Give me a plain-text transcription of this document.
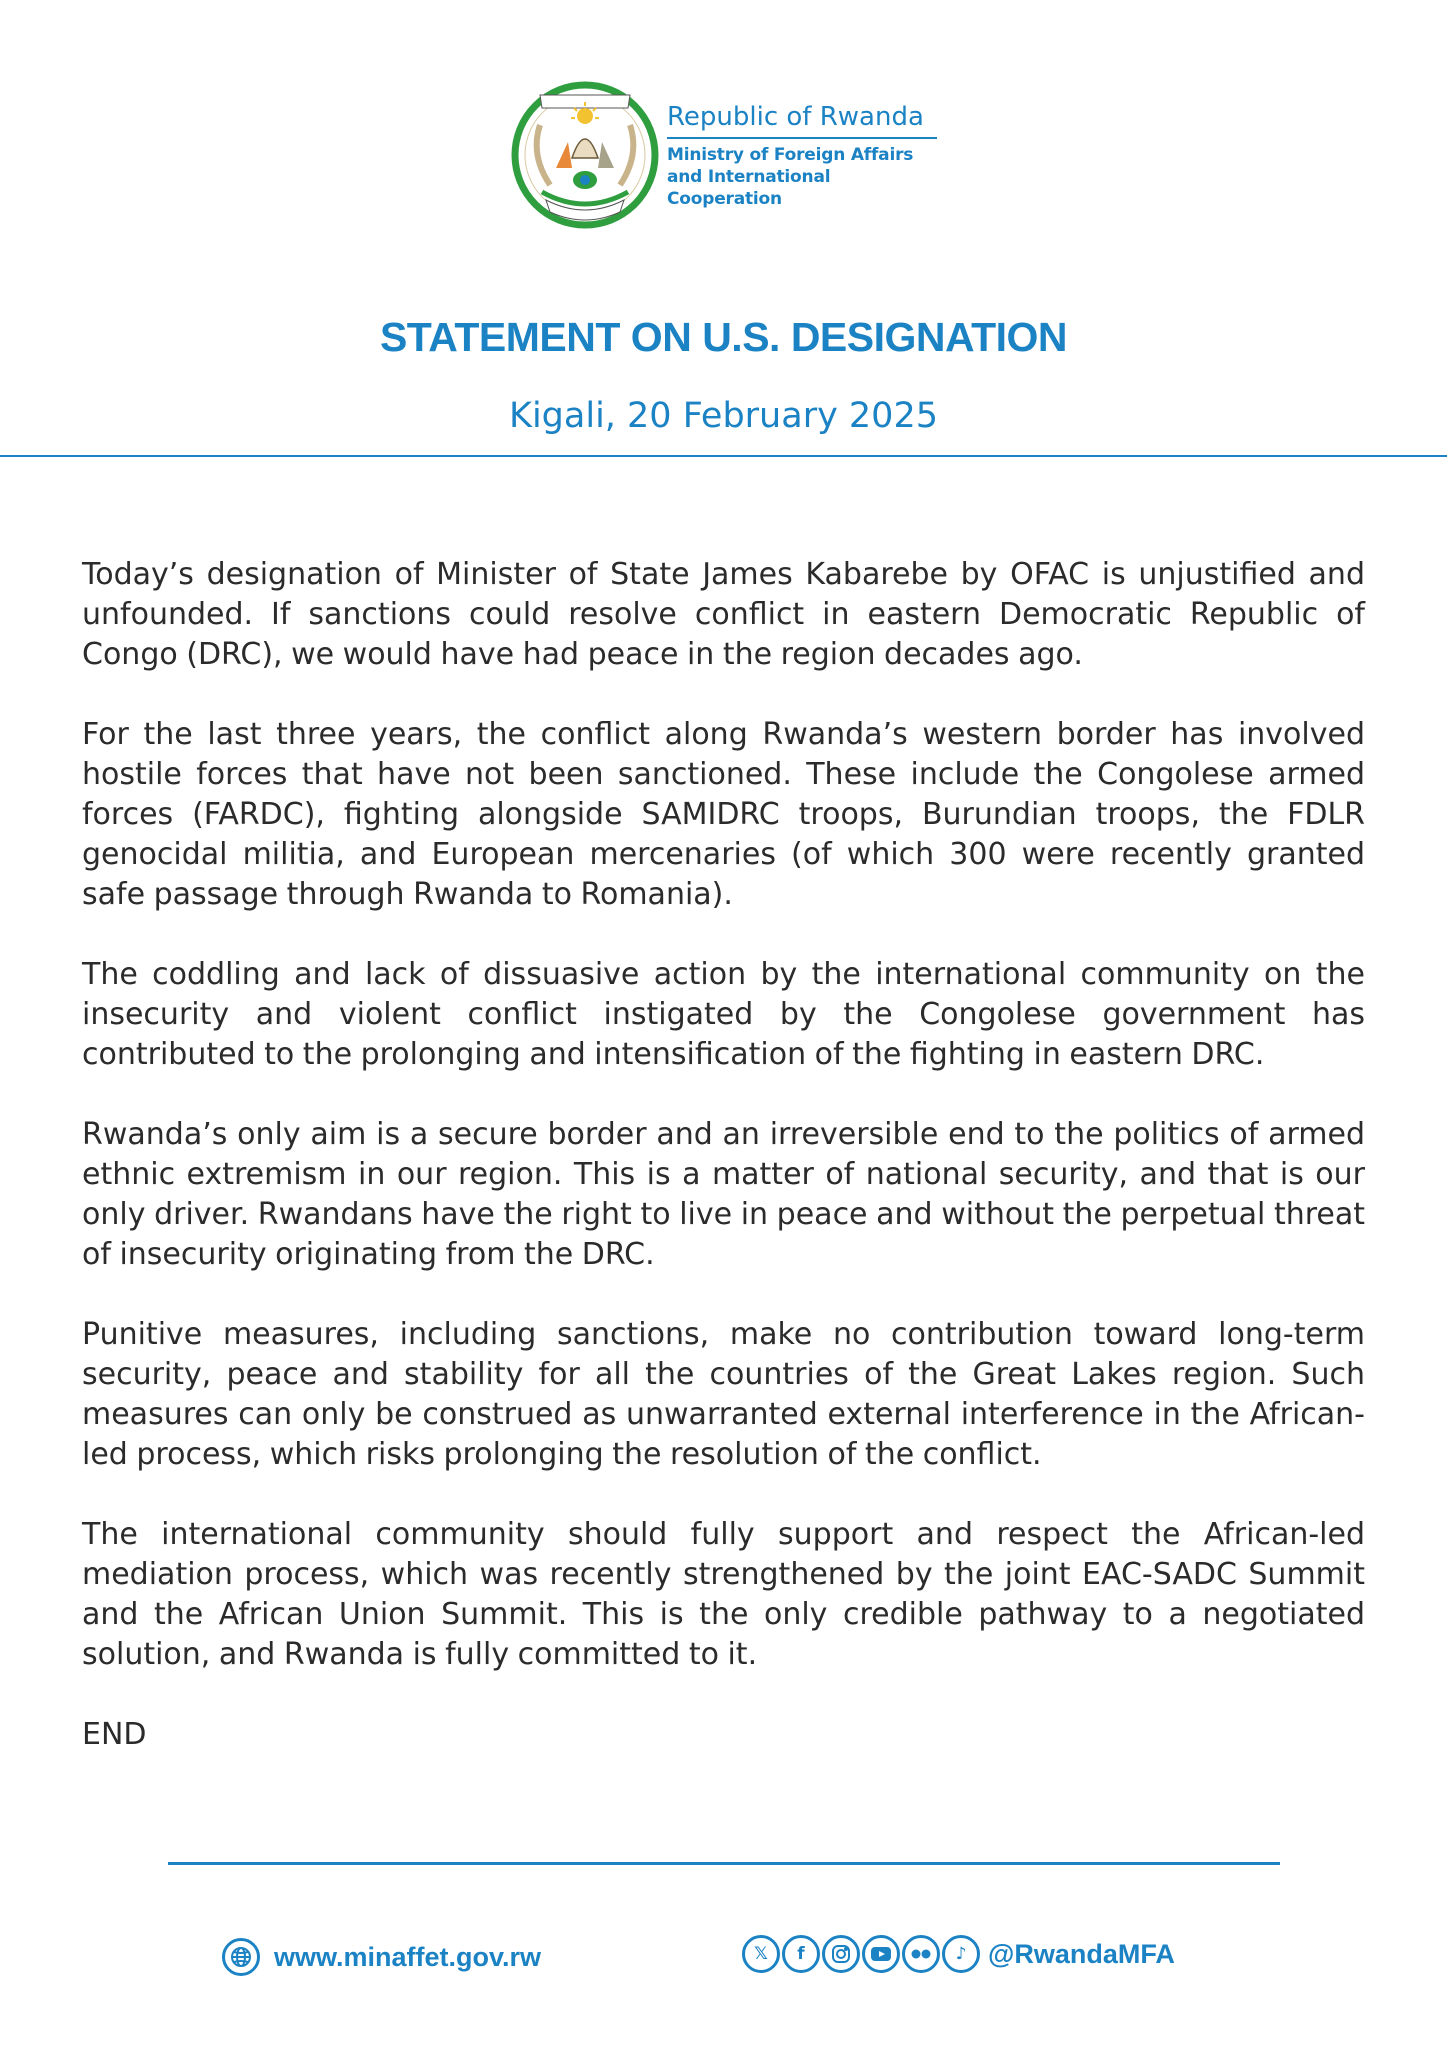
Republic of Rwanda
Ministry of Foreign Affairs
and International Cooperation
STATEMENT ON U.S. DESIGNATION
Kigali, 20 February 2025

Today’s designation of Minister of State James Kabarebe by OFAC is unjustified and unfounded. If sanctions could resolve conflict in eastern Democratic Republic of Congo (DRC), we would have had peace in the region decades ago.

For the last three years, the conflict along Rwanda’s western border has involved hostile forces that have not been sanctioned. These include the Congolese armed forces (FARDC), fighting alongside SAMIDRC troops, Burundian troops, the FDLR genocidal militia, and European mercenaries (of which 300 were recently granted safe passage through Rwanda to Romania).

The coddling and lack of dissuasive action by the international community on the insecurity and violent conflict instigated by the Congolese government has contributed to the prolonging and intensification of the fighting in eastern DRC.

Rwanda’s only aim is a secure border and an irreversible end to the politics of armed ethnic extremism in our region. This is a matter of national security, and that is our only driver. Rwandans have the right to live in peace and without the perpetual threat of insecurity originating from the DRC.

Punitive measures, including sanctions, make no contribution toward long-term security, peace and stability for all the countries of the Great Lakes region. Such measures can only be construed as unwarranted external interference in the African-led process, which risks prolonging the resolution of the conflict.

The international community should fully support and respect the African-led mediation process, which was recently strengthened by the joint EAC-SADC Summit and the African Union Summit. This is the only credible pathway to a negotiated solution, and Rwanda is fully committed to it.

END

www.minaffet.gov.rw	𝕏	f	♪ @RwandaMFA
